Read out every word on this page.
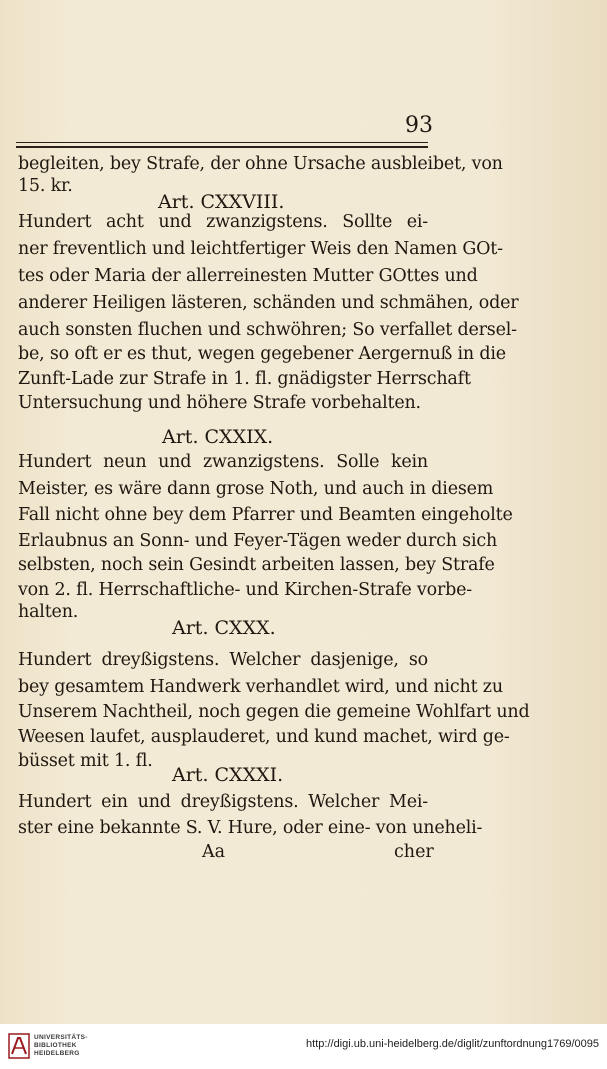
93
begleiten, bey Strafe, der ohne Ursache ausbleibet, von
15. kr.
Art. CXXVIII.
Hundert acht und zwanzigstens. Sollte ei-
ner freventlich und leichtfertiger Weis den Namen GOt-
tes oder Maria der allerreinesten Mutter GOttes und
anderer Heiligen lästeren, schänden und schmähen, oder
auch sonsten fluchen und schwöhren; So verfallet dersel-
be, so oft er es thut, wegen gegebener Aergernuß in die
Zunft-Lade zur Strafe in 1. fl. gnädigster Herrschaft
Untersuchung und höhere Strafe vorbehalten.
Art. CXXIX.
Hundert neun und zwanzigstens. Solle kein
Meister, es wäre dann grose Noth, und auch in diesem
Fall nicht ohne bey dem Pfarrer und Beamten eingeholte
Erlaubnus an Sonn- und Feyer-Tägen weder durch sich
selbsten, noch sein Gesindt arbeiten lassen, bey Strafe
von 2. fl. Herrschaftliche- und Kirchen-Strafe vorbe-
halten.
Art. CXXX.
Hundert dreyßigstens. Welcher dasjenige, so
bey gesamtem Handwerk verhandlet wird, und nicht zu
Unserem Nachtheil, noch gegen die gemeine Wohlfart und
Weesen laufet, ausplauderet, und kund machet, wird ge-
büsset mit 1. fl.
Art. CXXXI.
Hundert ein und dreyßigstens. Welcher Mei-
ster eine bekannte S. V. Hure, oder eine- von uneheli-
Aa	cher
UNIVERSITÄTS-
BIBLIOTHEK
HEIDELBERG
http://digi.ub.uni-heidelberg.de/diglit/zunftordnung1769/0095
